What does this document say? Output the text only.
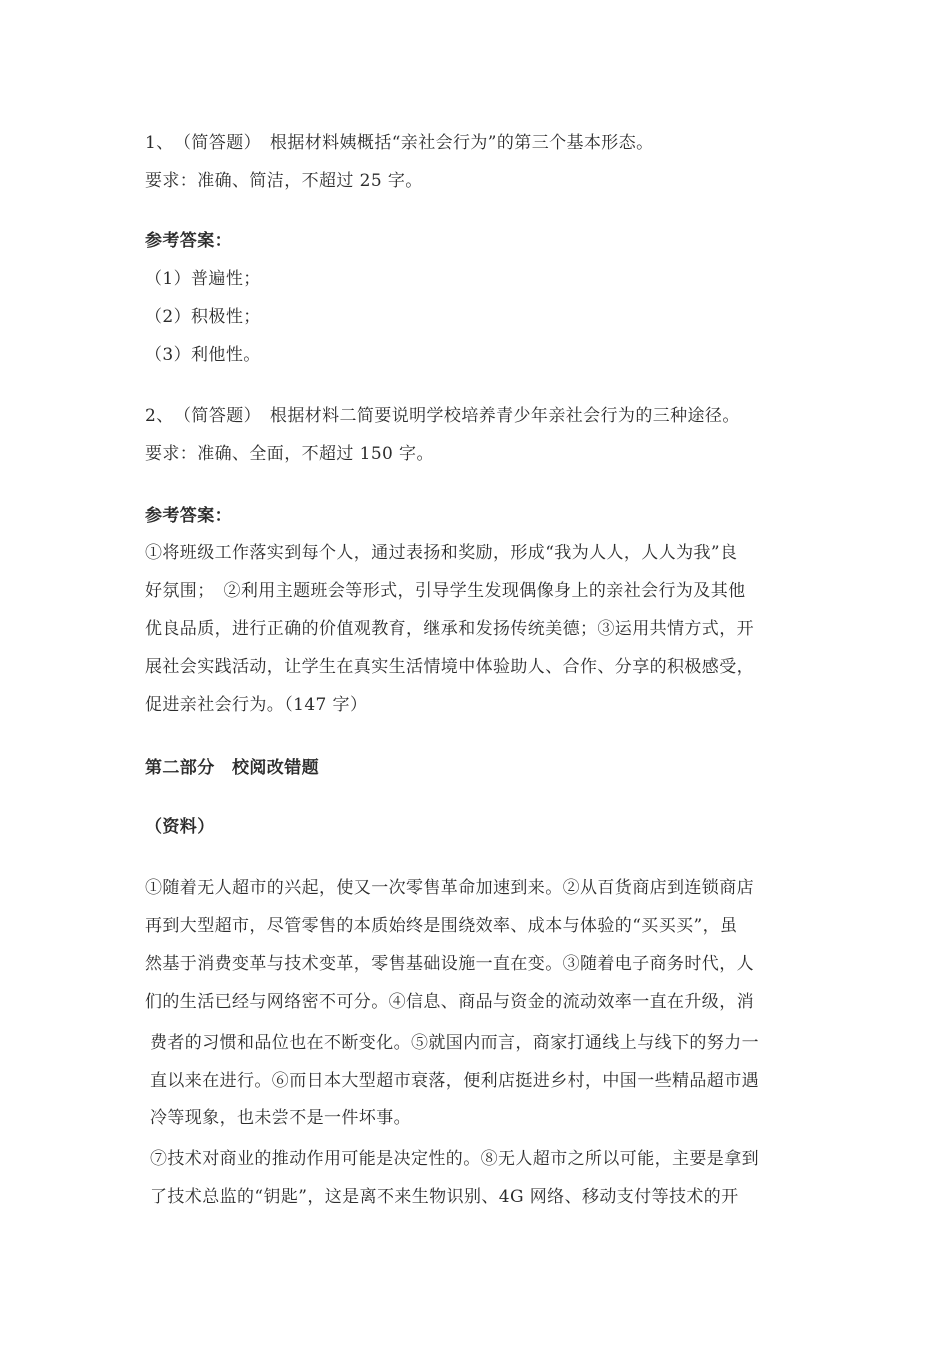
1、　（简答题）　根据材料姨概括“亲社会行为”的第三个基本形态。
要求：准确、简洁，不超过 25 字。
参考答案：
（1）普遍性；
（2）积极性；
（3）利他性。
2、　（简答题）　根据材料二简要说明学校培养青少年亲社会行为的三种途径。
要求：准确、全面，不超过 150 字。
参考答案：
①将班级工作落实到每个人，通过表扬和奖励，形成“我为人人，人人为我”良
好氛围；　②利用主题班会等形式，引导学生发现偶像身上的亲社会行为及其他
优良品质，进行正确的价值观教育，继承和发扬传统美德；③运用共情方式，开
展社会实践活动，让学生在真实生活情境中体验助人、合作、分享的积极感受，
促进亲社会行为。（147 字）
第二部分　校阅改错题
（资料）
①随着无人超市的兴起，使又一次零售革命加速到来。②从百货商店到连锁商店
再到大型超市，尽管零售的本质始终是围绕效率、成本与体验的“买买买”，虽
然基于消费变革与技术变革，零售基础设施一直在变。③随着电子商务时代，人
们的生活已经与网络密不可分。④信息、商品与资金的流动效率一直在升级，消
费者的习惯和品位也在不断变化。⑤就国内而言，商家打通线上与线下的努力一
直以来在进行。⑥而日本大型超市衰落，便利店挺进乡村，中国一些精品超市遇
冷等现象，也未尝不是一件坏事。
⑦技术对商业的推动作用可能是决定性的。⑧无人超市之所以可能，主要是拿到
了技术总监的“钥匙”，这是离不来生物识别、4G 网络、移动支付等技术的开
